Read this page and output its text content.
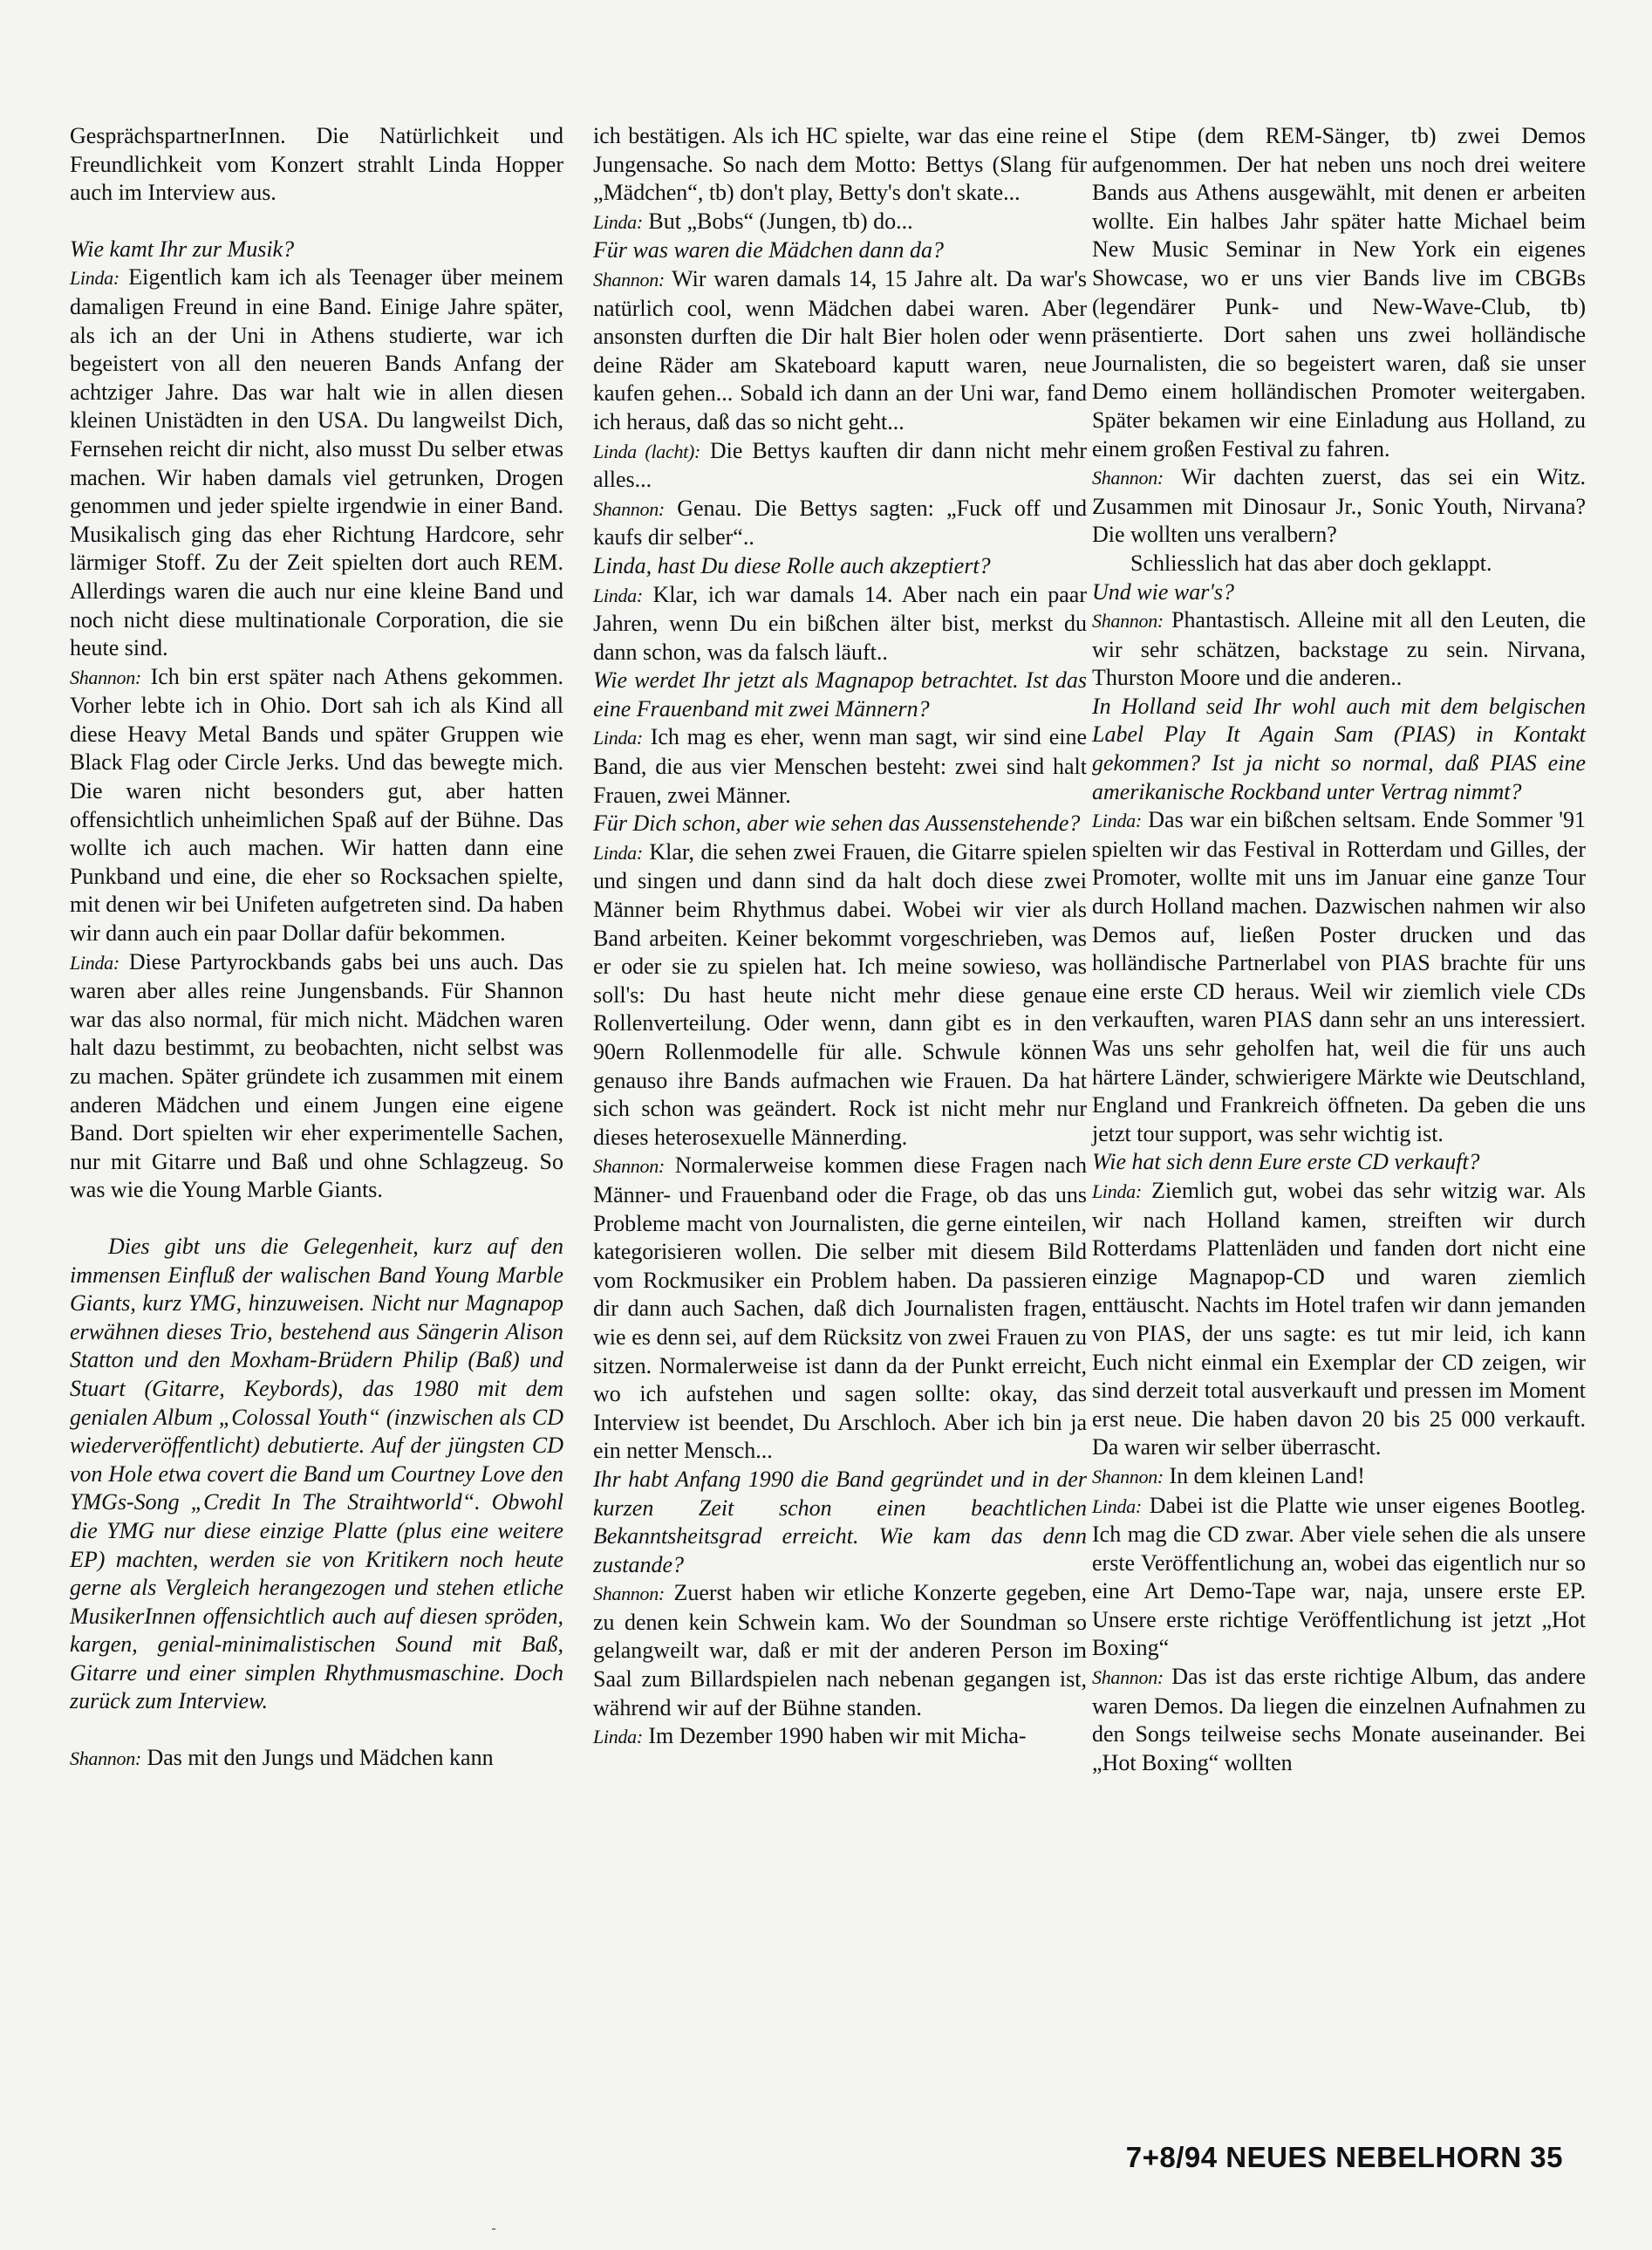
GesprächspartnerInnen. Die Natürlichkeit und Freundlichkeit vom Konzert strahlt Linda Hopper auch im Interview aus.

Wie kamt Ihr zur Musik?

Linda: Eigentlich kam ich als Teenager über meinem damaligen Freund in eine Band. Einige Jahre später, als ich an der Uni in Athens studierte, war ich begeistert von all den neueren Bands Anfang der achtziger Jahre. Das war halt wie in allen diesen kleinen Unistädten in den USA. Du langweilst Dich, Fernsehen reicht dir nicht, also musst Du selber etwas machen. Wir haben damals viel getrunken, Drogen genommen und jeder spielte irgendwie in einer Band. Musikalisch ging das eher Richtung Hardcore, sehr lärmiger Stoff. Zu der Zeit spielten dort auch REM. Allerdings waren die auch nur eine kleine Band und noch nicht diese multinationale Corporation, die sie heute sind.

Shannon: Ich bin erst später nach Athens gekommen. Vorher lebte ich in Ohio. Dort sah ich als Kind all diese Heavy Metal Bands und später Gruppen wie Black Flag oder Circle Jerks. Und das bewegte mich. Die waren nicht besonders gut, aber hatten offensichtlich unheimlichen Spaß auf der Bühne. Das wollte ich auch machen. Wir hatten dann eine Punkband und eine, die eher so Rocksachen spielte, mit denen wir bei Unifeten aufgetreten sind. Da haben wir dann auch ein paar Dollar dafür bekommen.

Linda: Diese Partyrockbands gabs bei uns auch. Das waren aber alles reine Jungensbands. Für Shannon war das also normal, für mich nicht. Mädchen waren halt dazu bestimmt, zu beobachten, nicht selbst was zu machen. Später gründete ich zusammen mit einem anderen Mädchen und einem Jungen eine eigene Band. Dort spielten wir eher experimentelle Sachen, nur mit Gitarre und Baß und ohne Schlagzeug. So was wie die Young Marble Giants.

Dies gibt uns die Gelegenheit, kurz auf den immensen Einfluß der walischen Band Young Marble Giants, kurz YMG, hinzuweisen. Nicht nur Magnapop erwähnen dieses Trio, bestehend aus Sängerin Alison Statton und den Moxham-Brüdern Philip (Baß) und Stuart (Gitarre, Keybords), das 1980 mit dem genialen Album „Colossal Youth“ (inzwischen als CD wiederveröffentlicht) debutierte. Auf der jüngsten CD von Hole etwa covert die Band um Courtney Love den YMGs-Song „Credit In The Straihtworld“. Obwohl die YMG nur diese einzige Platte (plus eine weitere EP) machten, werden sie von Kritikern noch heute gerne als Vergleich herangezogen und stehen etliche MusikerInnen offensichtlich auch auf diesen spröden, kargen, genial-minimalistischen Sound mit Baß, Gitarre und einer simplen Rhythmusmaschine. Doch zurück zum Interview.

Shannon: Das mit den Jungs und Mädchen kann

ich bestätigen. Als ich HC spielte, war das eine reine Jungensache. So nach dem Motto: Bettys (Slang für „Mädchen“, tb) don't play, Betty's don't skate...

Linda: But „Bobs“ (Jungen, tb) do...

Für was waren die Mädchen dann da?

Shannon: Wir waren damals 14, 15 Jahre alt. Da war's natürlich cool, wenn Mädchen dabei waren. Aber ansonsten durften die Dir halt Bier holen oder wenn deine Räder am Skateboard kaputt waren, neue kaufen gehen... Sobald ich dann an der Uni war, fand ich heraus, daß das so nicht geht...

Linda (lacht): Die Bettys kauften dir dann nicht mehr alles...

Shannon: Genau. Die Bettys sagten: „Fuck off und kaufs dir selber“..

Linda, hast Du diese Rolle auch akzeptiert?

Linda: Klar, ich war damals 14. Aber nach ein paar Jahren, wenn Du ein bißchen älter bist, merkst du dann schon, was da falsch läuft..

Wie werdet Ihr jetzt als Magnapop betrachtet. Ist das eine Frauenband mit zwei Männern?

Linda: Ich mag es eher, wenn man sagt, wir sind eine Band, die aus vier Menschen besteht: zwei sind halt Frauen, zwei Männer.

Für Dich schon, aber wie sehen das Aussenstehende?

Linda: Klar, die sehen zwei Frauen, die Gitarre spielen und singen und dann sind da halt doch diese zwei Männer beim Rhythmus dabei. Wobei wir vier als Band arbeiten. Keiner bekommt vorgeschrieben, was er oder sie zu spielen hat. Ich meine sowieso, was soll's: Du hast heute nicht mehr diese genaue Rollenverteilung. Oder wenn, dann gibt es in den 90ern Rollenmodelle für alle. Schwule können genauso ihre Bands aufmachen wie Frauen. Da hat sich schon was geändert. Rock ist nicht mehr nur dieses heterosexuelle Männerding.

Shannon: Normalerweise kommen diese Fragen nach Männer- und Frauenband oder die Frage, ob das uns Probleme macht von Journalisten, die gerne einteilen, kategorisieren wollen. Die selber mit diesem Bild vom Rockmusiker ein Problem haben. Da passieren dir dann auch Sachen, daß dich Journalisten fragen, wie es denn sei, auf dem Rücksitz von zwei Frauen zu sitzen. Normalerweise ist dann da der Punkt erreicht, wo ich aufstehen und sagen sollte: okay, das Interview ist beendet, Du Arschloch. Aber ich bin ja ein netter Mensch...

Ihr habt Anfang 1990 die Band gegründet und in der kurzen Zeit schon einen beachtlichen Bekanntsheitsgrad erreicht. Wie kam das denn zustande?

Shannon: Zuerst haben wir etliche Konzerte gegeben, zu denen kein Schwein kam. Wo der Soundman so gelangweilt war, daß er mit der anderen Person im Saal zum Billardspielen nach nebenan gegangen ist, während wir auf der Bühne standen.

Linda: Im Dezember 1990 haben wir mit Micha-

el Stipe (dem REM-Sänger, tb) zwei Demos aufgenommen. Der hat neben uns noch drei weitere Bands aus Athens ausgewählt, mit denen er arbeiten wollte. Ein halbes Jahr später hatte Michael beim New Music Seminar in New York ein eigenes Showcase, wo er uns vier Bands live im CBGBs (legendärer Punk- und New-Wave-Club, tb) präsentierte. Dort sahen uns zwei holländische Journalisten, die so begeistert waren, daß sie unser Demo einem holländischen Promoter weitergaben. Später bekamen wir eine Einladung aus Holland, zu einem großen Festival zu fahren.

Shannon: Wir dachten zuerst, das sei ein Witz. Zusammen mit Dinosaur Jr., Sonic Youth, Nirvana? Die wollten uns veralbern?

Schliesslich hat das aber doch geklappt.

Und wie war's?

Shannon: Phantastisch. Alleine mit all den Leuten, die wir sehr schätzen, backstage zu sein. Nirvana, Thurston Moore und die anderen..

In Holland seid Ihr wohl auch mit dem belgischen Label Play It Again Sam (PIAS) in Kontakt gekommen? Ist ja nicht so normal, daß PIAS eine amerikanische Rockband unter Vertrag nimmt?

Linda: Das war ein bißchen seltsam. Ende Sommer '91 spielten wir das Festival in Rotterdam und Gilles, der Promoter, wollte mit uns im Januar eine ganze Tour durch Holland machen. Dazwischen nahmen wir also Demos auf, ließen Poster drucken und das holländische Partnerlabel von PIAS brachte für uns eine erste CD heraus. Weil wir ziemlich viele CDs verkauften, waren PIAS dann sehr an uns interessiert. Was uns sehr geholfen hat, weil die für uns auch härtere Länder, schwierigere Märkte wie Deutschland, England und Frankreich öffneten. Da geben die uns jetzt tour support, was sehr wichtig ist.

Wie hat sich denn Eure erste CD verkauft?

Linda: Ziemlich gut, wobei das sehr witzig war. Als wir nach Holland kamen, streiften wir durch Rotterdams Plattenläden und fanden dort nicht eine einzige Magnapop-CD und waren ziemlich enttäuscht. Nachts im Hotel trafen wir dann jemanden von PIAS, der uns sagte: es tut mir leid, ich kann Euch nicht einmal ein Exemplar der CD zeigen, wir sind derzeit total ausverkauft und pressen im Moment erst neue. Die haben davon 20 bis 25 000 verkauft. Da waren wir selber überrascht.

Shannon: In dem kleinen Land!

Linda: Dabei ist die Platte wie unser eigenes Bootleg. Ich mag die CD zwar. Aber viele sehen die als unsere erste Veröffentlichung an, wobei das eigentlich nur so eine Art Demo-Tape war, naja, unsere erste EP. Unsere erste richtige Veröffentlichung ist jetzt „Hot Boxing“

Shannon: Das ist das erste richtige Album, das andere waren Demos. Da liegen die einzelnen Aufnahmen zu den Songs teilweise sechs Monate auseinander. Bei „Hot Boxing“ wollten

7+8/94 NEUES NEBELHORN 35
